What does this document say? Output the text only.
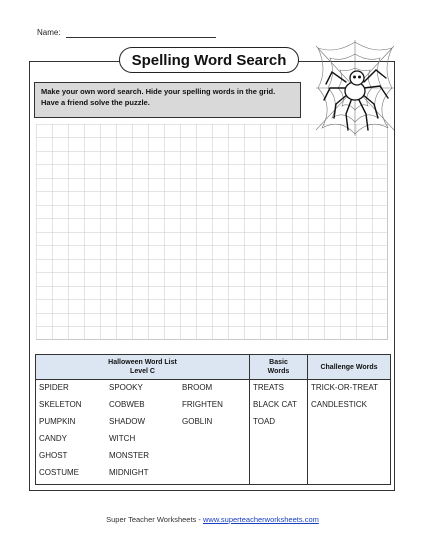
Name:
Spelling Word Search
Make your own word search. Hide your spelling words in the grid. Have a friend solve the puzzle.
Halloween Word List
Level C
Basic
Words
Challenge Words
SPIDER
SKELETON
PUMPKIN
CANDY
GHOST
COSTUME
SPOOKY
COBWEB
SHADOW
WITCH
MONSTER
MIDNIGHT
BROOM
FRIGHTEN
GOBLIN
TREATS
BLACK CAT
TOAD
TRICK-OR-TREAT
CANDLESTICK
Super Teacher Worksheets - www.superteacherworksheets.com
